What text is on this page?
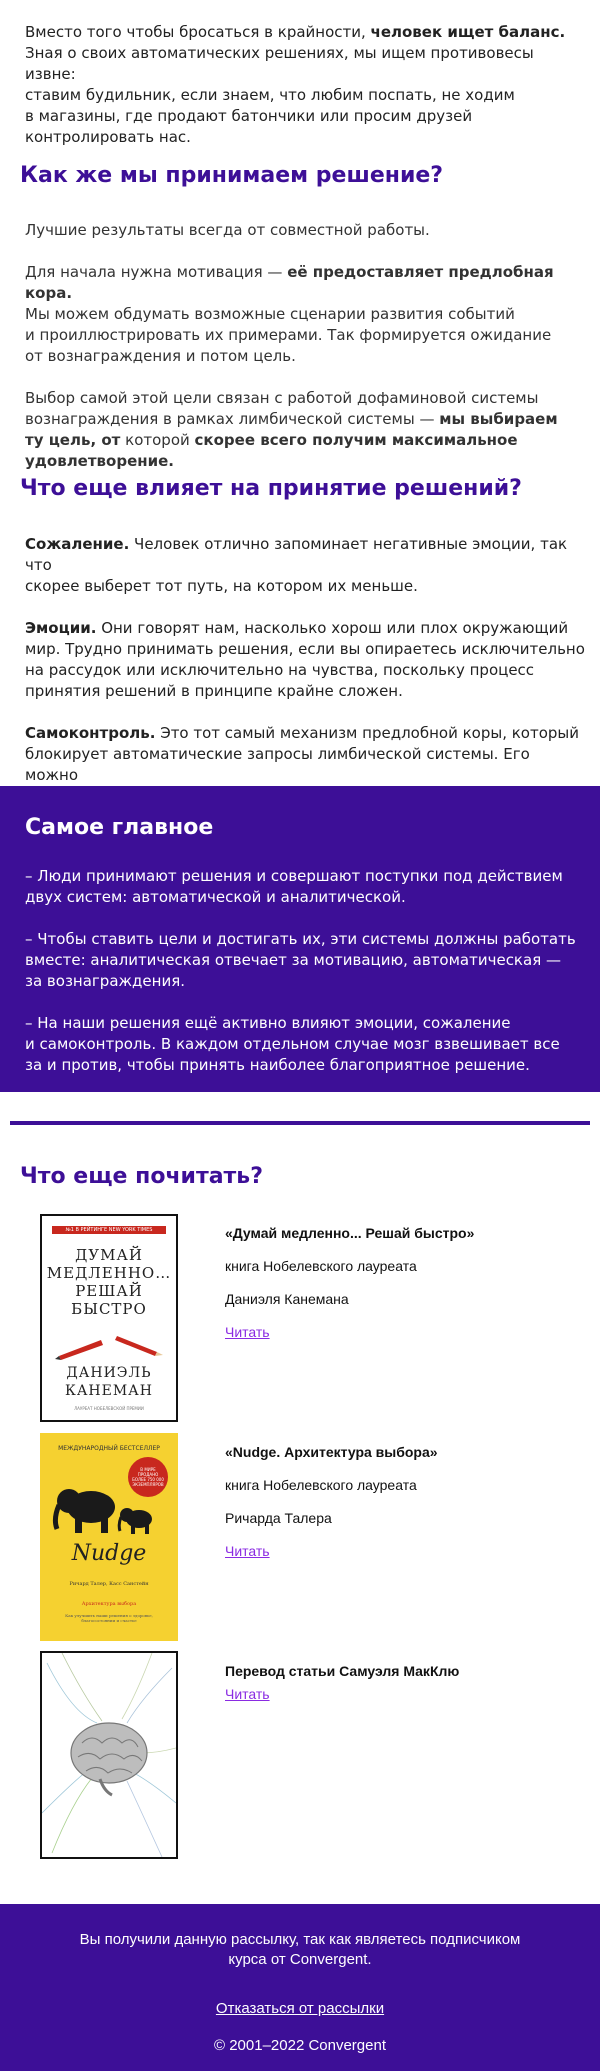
Вместо того чтобы бросаться в крайности, человек ищет баланс.
Зная о своих автоматических решениях, мы ищем противовесы извне:
ставим будильник, если знаем, что любим поспать, не ходим
в магазины, где продают батончики или просим друзей
контролировать нас.

Как же мы принимаем решение?

Лучшие результаты всегда от совместной работы.

Для начала нужна мотивация — её предоставляет предлобная кора.
Мы можем обдумать возможные сценарии развития событий
и проиллюстрировать их примерами. Так формируется ожидание
от вознаграждения и потом цель.

Выбор самой этой цели связан с работой дофаминовой системы
вознаграждения в рамках лимбической системы — мы выбираем
ту цель, от которой скорее всего получим максимальное
удовлетворение.

Что еще влияет на принятие решений?

Сожаление. Человек отлично запоминает негативные эмоции, так что
скорее выберет тот путь, на котором их меньше.

Эмоции. Они говорят нам, насколько хорош или плох окружающий
мир. Трудно принимать решения, если вы опираетесь исключительно
на рассудок или исключительно на чувства, поскольку процесс
принятия решений в принципе крайне сложен.

Самоконтроль. Это тот самый механизм предлобной коры, который
блокирует автоматические запросы лимбической системы. Его можно

Самое главное

– Люди принимают решения и совершают поступки под действием
двух систем: автоматической и аналитической.

– Чтобы ставить цели и достигать их, эти системы должны работать
вместе: аналитическая отвечает за мотивацию, автоматическая —
за вознаграждения.

– На наши решения ещё активно влияют эмоции, сожаление
и самоконтроль. В каждом отдельном случае мозг взвешивает все
за и против, чтобы принять наиболее благоприятное решение.

Что еще почитать?
№1 В РЕЙТИНГЕ NEW YORK TIMES
ДУМАЙ
МЕДЛЕННО…
РЕШАЙ
БЫСТРО
ДАНИЭЛЬ
КАНЕМАН
ЛАУРЕАТ НОБЕЛЕВСКОЙ ПРЕМИИ
«Думай медленно... Решай быстро»
книга Нобелевского лауреата
Даниэля Канемана
Читать
МЕЖДУНАРОДНЫЙ БЕСТСЕЛЛЕР
В МИРЕ ПРОДАНО БОЛЕЕ 750 000 ЭКЗЕМПЛЯРОВ
Nudge
Ричард Талер, Касс Санстейн
Архитектура выбора
Как улучшить наши решения о здоровье, благосостоянии и счастье
«Nudge. Архитектура выбора»
книга Нобелевского лауреата
Ричарда Талера
Читать
Перевод статьи Самуэля МакКлю
Читать
Вы получили данную рассылку, так как являетесь подписчиком
курса от Convergent.
Отказаться от рассылки
© 2001–2022 Convergent
